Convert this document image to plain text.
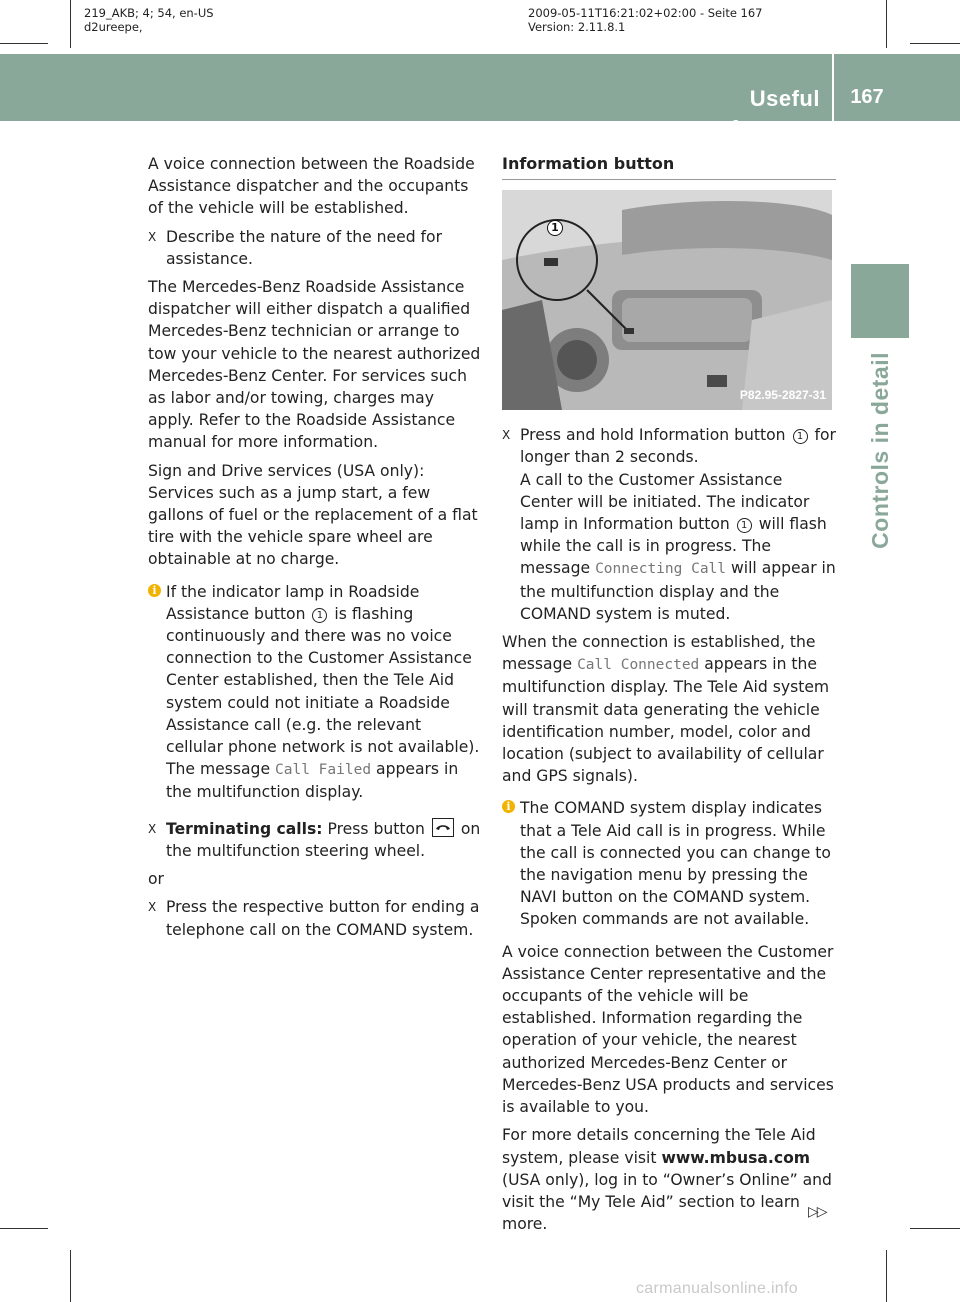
219_AKB; 4; 54, en-US
d2ureepe,
2009-05-11T16:21:02+02:00 - Seite 167
Version: 2.11.8.1
Useful features
167
Controls in detail

A voice connection between the Roadside Assistance dispatcher and the occupants of the vehicle will be established.

X Describe the nature of the need for assistance.

The Mercedes-Benz Roadside Assistance dispatcher will either dispatch a qualified Mercedes-Benz technician or arrange to tow your vehicle to the nearest authorized Mercedes-Benz Center. For services such as labor and/or towing, charges may apply. Refer to the Roadside Assistance manual for more information.

Sign and Drive services (USA only): Services such as a jump start, a few gallons of fuel or the replacement of a flat tire with the vehicle spare wheel are obtainable at no charge.

i If the indicator lamp in Roadside Assistance button 1 is flashing continuously and there was no voice connection to the Customer Assistance Center established, then the Tele Aid system could not initiate a Roadside Assistance call (e.g. the relevant cellular phone network is not available). The message Call Failed appears in the multifunction display.
X Terminating calls: Press button on the multifunction steering wheel.

or

X Press the respective button for ending a telephone call on the COMAND system.
Information button
1
P82.95-2827-31
X Press and hold Information button 1 for longer than 2 seconds.
A call to the Customer Assistance Center will be initiated. The indicator lamp in Information button 1 will flash while the call is in progress. The message Connecting Call will appear in the multifunction display and the COMAND system is muted.

When the connection is established, the message Call Connected appears in the multifunction display. The Tele Aid system will transmit data generating the vehicle identification number, model, color and location (subject to availability of cellular and GPS signals).

i The COMAND system display indicates that a Tele Aid call is in progress. While the call is connected you can change to the navigation menu by pressing the NAVI button on the COMAND system. Spoken commands are not available.

A voice connection between the Customer Assistance Center representative and the occupants of the vehicle will be established. Information regarding the operation of your vehicle, the nearest authorized Mercedes-Benz Center or Mercedes-Benz USA products and services is available to you.

For more details concerning the Tele Aid system, please visit www.mbusa.com (USA only), log in to “Owner’s Online” and visit the “My Tele Aid” section to learn more.

▷▷
carmanualsonline.info
